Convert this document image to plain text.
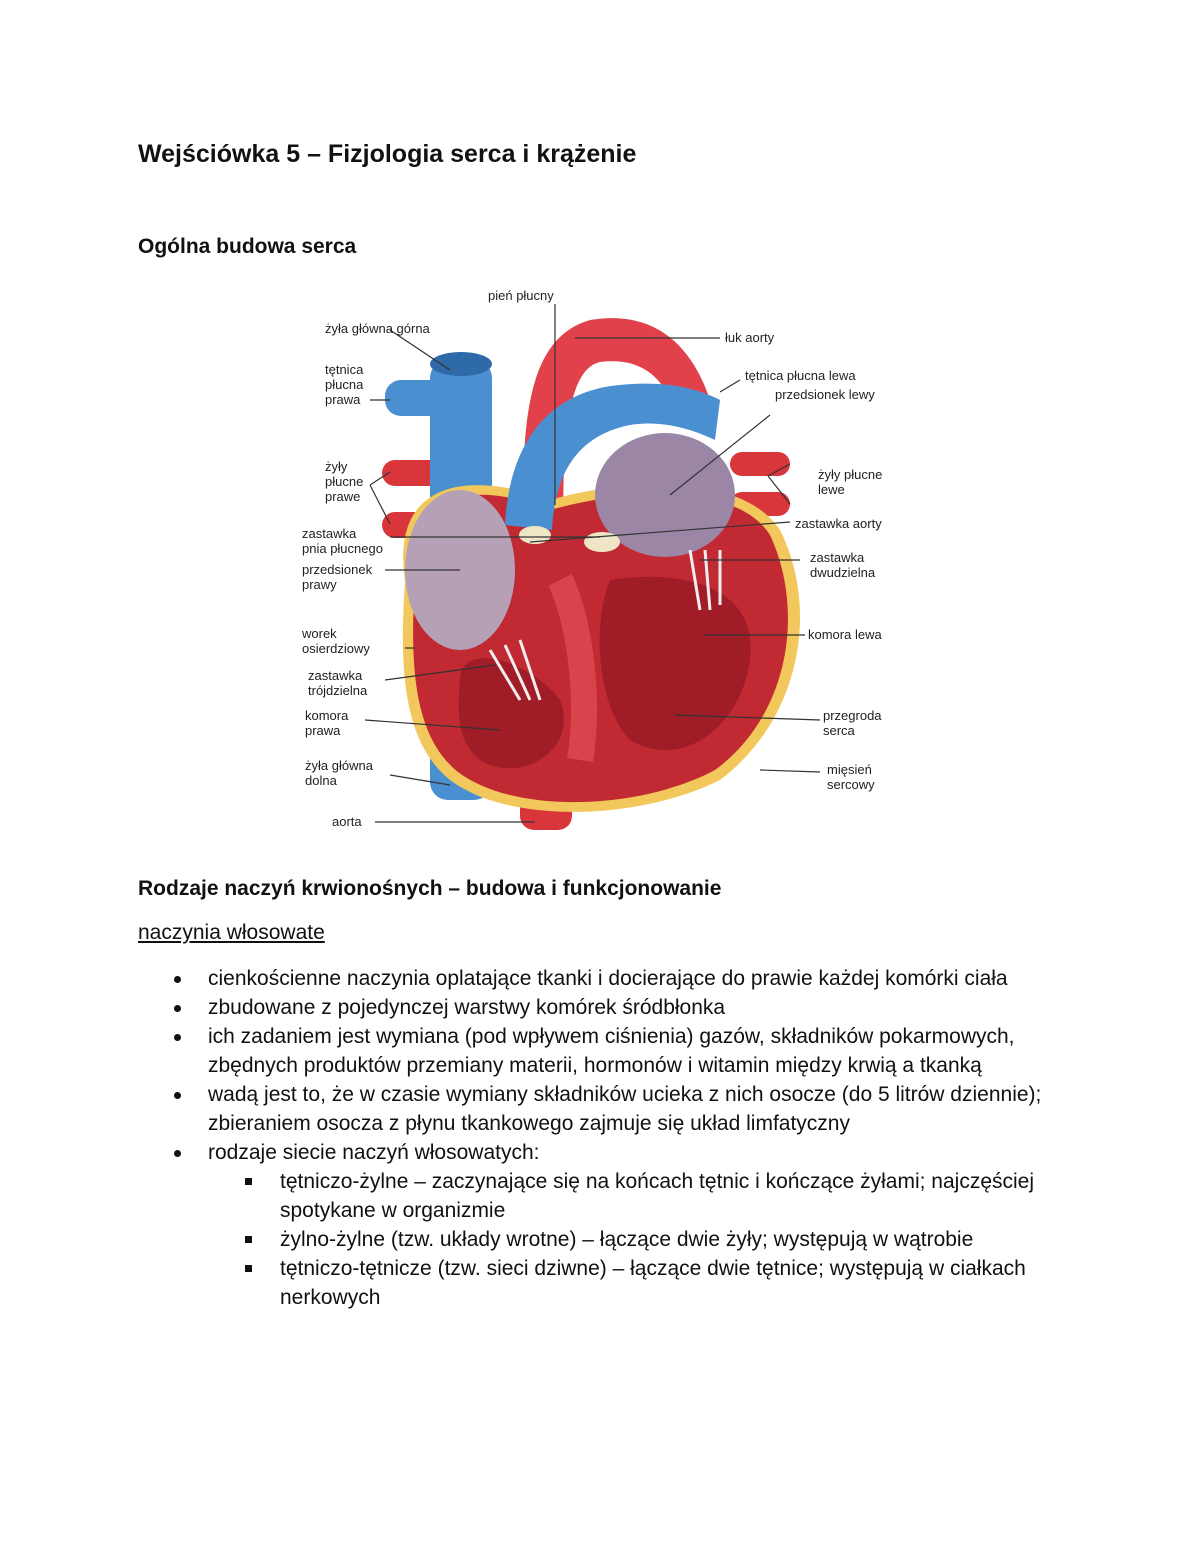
Wejściówka 5 – Fizjologia serca i krążenie
Ogólna budowa serca
pień płucny
żyła główna górna
łuk aorty
tętnica
płucna
prawa
tętnica płucna lewa
przedsionek lewy
żyły
płucne
prawe
żyły płucne
lewe
zastawka
pnia płucnego
zastawka aorty
przedsionek
prawy
zastawka
dwudzielna
worek
osierdziowy
komora lewa
zastawka
trójdzielna
komora
prawa
przegroda
serca
żyła główna
dolna
mięsień
sercowy
aorta
Rodzaje naczyń krwionośnych – budowa i funkcjonowanie
naczynia włosowate
cienkościenne naczynia oplatające tkanki i docierające do prawie każdej komórki ciała
zbudowane z pojedynczej warstwy komórek śródbłonka
ich zadaniem jest wymiana (pod wpływem ciśnienia) gazów, składników pokarmowych, zbędnych produktów przemiany materii, hormonów i witamin między krwią a tkanką
wadą jest to, że w czasie wymiany składników ucieka z nich osocze (do 5 litrów dziennie); zbieraniem osocza z płynu tkankowego zajmuje się układ limfatyczny
rodzaje siecie naczyń włosowatych:
tętniczo-żylne – zaczynające się na końcach tętnic i kończące żyłami; najczęściej spotykane w organizmie
żylno-żylne (tzw. układy wrotne) – łączące dwie żyły; występują w wątrobie
tętniczo-tętnicze (tzw. sieci dziwne) – łączące dwie tętnice; występują w ciałkach nerkowych
